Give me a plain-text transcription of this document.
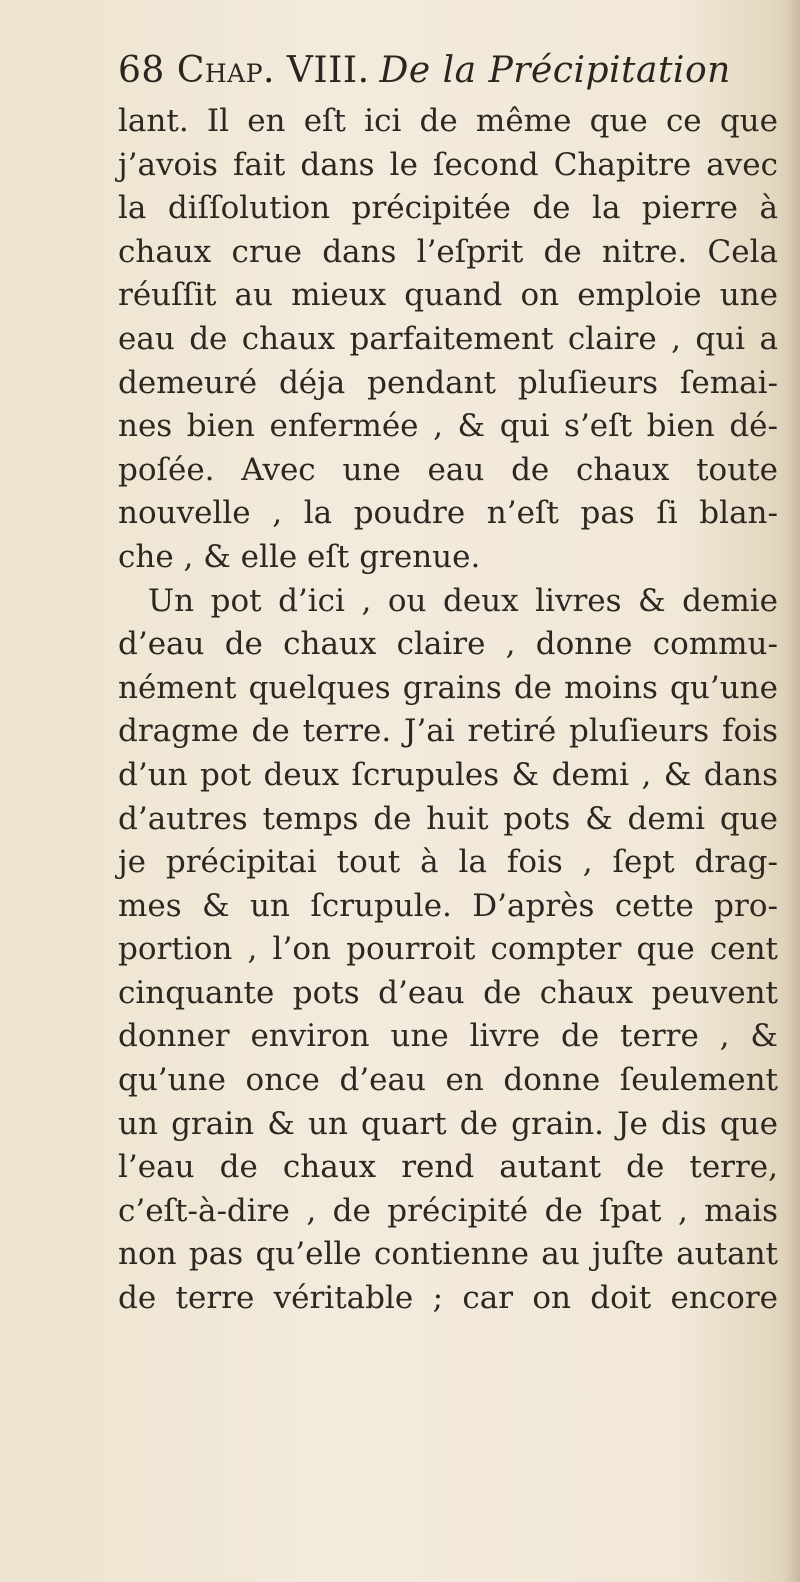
68 Chap. VIII. De la Précipitation
lant. Il en eſt ici de même que ce que
j’avois fait dans le ſecond Chapitre avec
la diſſolution précipitée de la pierre à
chaux crue dans l’eſprit de nitre. Cela
réuſſit au mieux quand on emploie une
eau de chaux parfaitement claire , qui a
demeuré déja pendant pluſieurs ſemai-
nes bien enfermée , & qui s’eſt bien dé-
poſée. Avec une eau de chaux toute
nouvelle , la poudre n’eſt pas ſi blan-
che , & elle eſt grenue.
Un pot d’ici , ou deux livres & demie
d’eau de chaux claire , donne commu-
nément quelques grains de moins qu’une
dragme de terre. J’ai retiré pluſieurs fois
d’un pot deux ſcrupules & demi , & dans
d’autres temps de huit pots & demi que
je précipitai tout à la fois , ſept drag-
mes & un ſcrupule. D’après cette pro-
portion , l’on pourroit compter que cent
cinquante pots d’eau de chaux peuvent
donner environ une livre de terre , &
qu’une once d’eau en donne ſeulement
un grain & un quart de grain. Je dis que
l’eau de chaux rend autant de terre,
c’eſt-à-dire , de précipité de ſpat , mais
non pas qu’elle contienne au juſte autant
de terre véritable ; car on doit encore
